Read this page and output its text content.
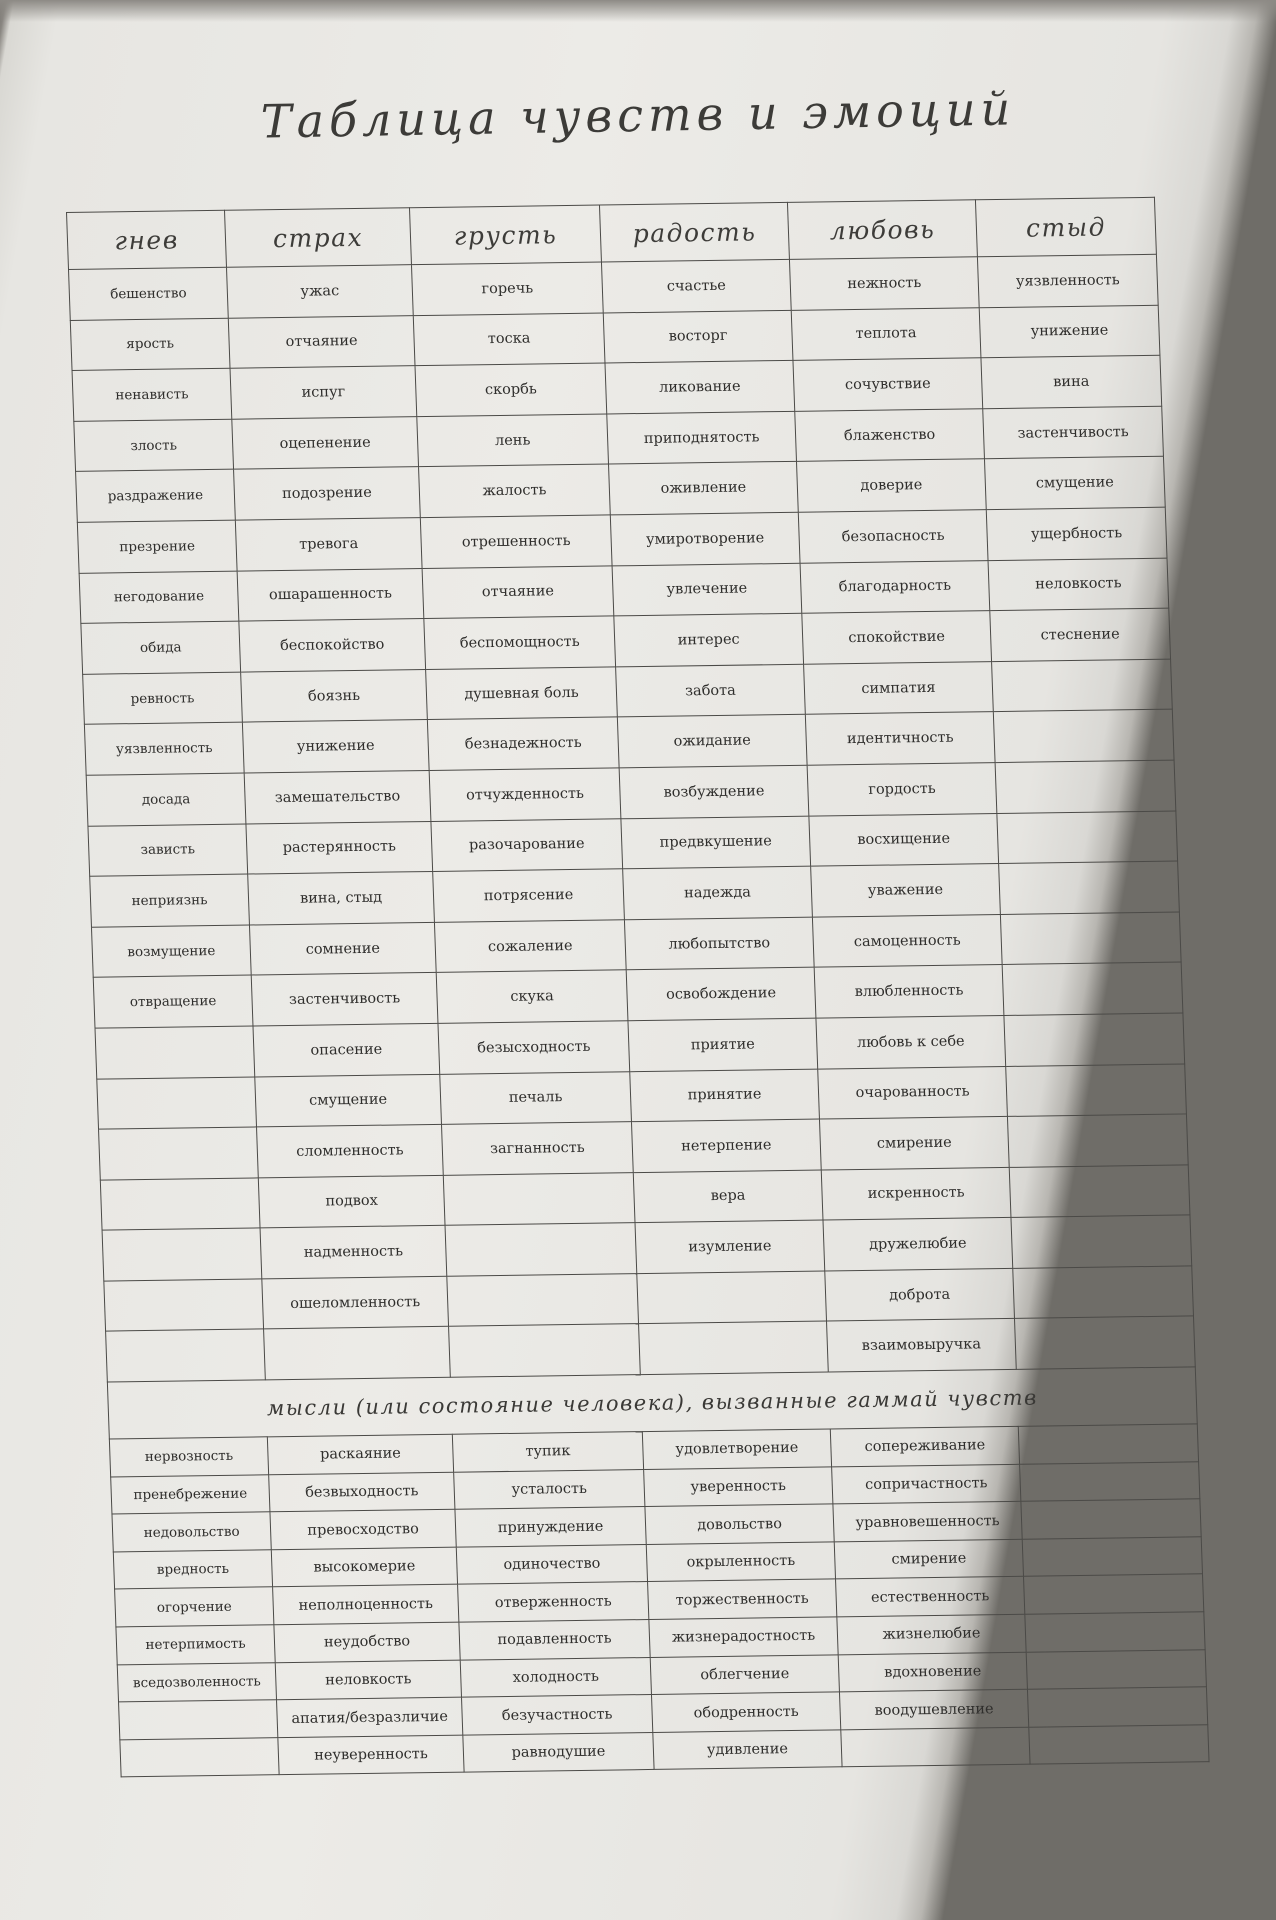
Таблица чувств и эмоций
гнев	страх	грусть	радость	любовь	стыд
бешенство	ужас	горечь	счастье	нежность	уязвленность
ярость	отчаяние	тоска	восторг	теплота	унижение
ненависть	испуг	скорбь	ликование	сочувствие	вина
злость	оцепенение	лень	приподнятость	блаженство	застенчивость
раздражение	подозрение	жалость	оживление	доверие	смущение
презрение	тревога	отрешенность	умиротворение	безопасность	ущербность
негодование	ошарашенность	отчаяние	увлечение	благодарность	неловкость
обида	беспокойство	беспомощность	интерес	спокойствие	стеснение
ревность	боязнь	душевная боль	забота	симпатия	
уязвленность	унижение	безнадежность	ожидание	идентичность	
досада	замешательство	отчужденность	возбуждение	гордость	
зависть	растерянность	разочарование	предвкушение	восхищение	
неприязнь	вина, стыд	потрясение	надежда	уважение	
возмущение	сомнение	сожаление	любопытство	самоценность	
отвращение	застенчивость	скука	освобождение	влюбленность	
	опасение	безысходность	приятие	любовь к себе	
	смущение	печаль	принятие	очарованность	
	сломленность	загнанность	нетерпение	смирение	
	подвох		вера	искренность	
	надменность		изумление	дружелюбие	
	ошеломленность			доброта	
				взаимовыручка	
мысли (или состояние человека), вызванные гаммай чувств					
нервозность	раскаяние	тупик	удовлетворение	сопереживание	
пренебрежение	безвыходность	усталость	уверенность	сопричастность	
недовольство	превосходство	принуждение	довольство	уравновешенность	
вредность	высокомерие	одиночество	окрыленность	смирение	
огорчение	неполноценность	отверженность	торжественность	естественность	
нетерпимость	неудобство	подавленность	жизнерадостность	жизнелюбие	
вседозволенность	неловкость	холодность	облегчение	вдохновение	
	апатия/безразличие	безучастность	ободренность	воодушевление	
	неуверенность	равнодушие	удивление		
